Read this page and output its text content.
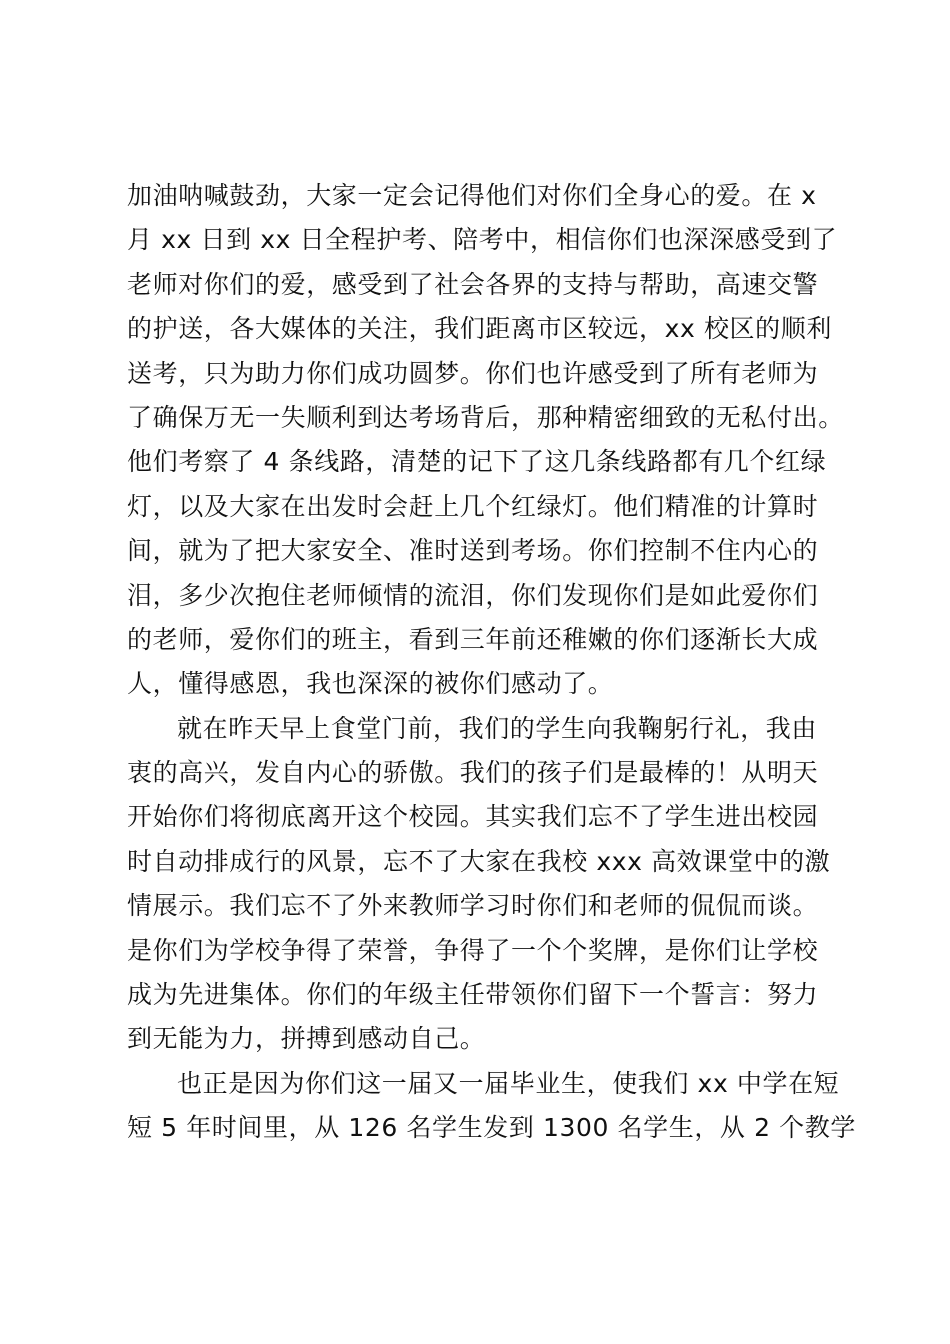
加油呐喊鼓劲，大家一定会记得他们对你们全身心的爱。在 x
月 xx 日到 xx 日全程护考、陪考中，相信你们也深深感受到了
老师对你们的爱，感受到了社会各界的支持与帮助，高速交警
的护送，各大媒体的关注，我们距离市区较远，xx 校区的顺利
送考，只为助力你们成功圆梦。你们也许感受到了所有老师为
了确保万无一失顺利到达考场背后，那种精密细致的无私付出。
他们考察了 4 条线路，清楚的记下了这几条线路都有几个红绿
灯，以及大家在出发时会赶上几个红绿灯。他们精准的计算时
间，就为了把大家安全、准时送到考场。你们控制不住内心的
泪，多少次抱住老师倾情的流泪，你们发现你们是如此爱你们
的老师，爱你们的班主，看到三年前还稚嫩的你们逐渐长大成
人，懂得感恩，我也深深的被你们感动了。
就在昨天早上食堂门前，我们的学生向我鞠躬行礼，我由
衷的高兴，发自内心的骄傲。我们的孩子们是最棒的！从明天
开始你们将彻底离开这个校园。其实我们忘不了学生进出校园
时自动排成行的风景，忘不了大家在我校 xxx 高效课堂中的激
情展示。我们忘不了外来教师学习时你们和老师的侃侃而谈。
是你们为学校争得了荣誉，争得了一个个奖牌，是你们让学校
成为先进集体。你们的年级主任带领你们留下一个誓言：努力
到无能为力，拼搏到感动自己。
也正是因为你们这一届又一届毕业生，使我们 xx 中学在短
短 5 年时间里，从 126 名学生发到 1300 名学生，从 2 个教学
